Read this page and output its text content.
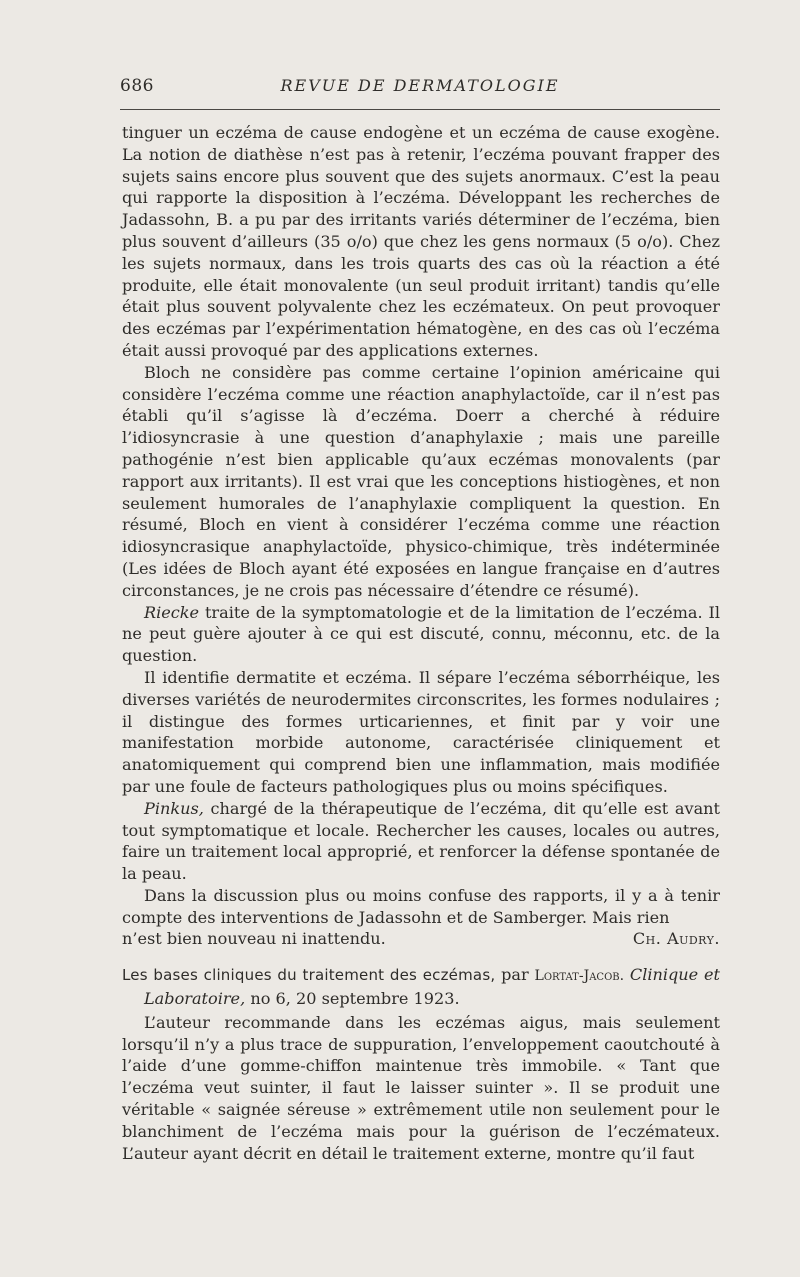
686	REVUE DE DERMATOLOGIE

tinguer un eczéma de cause endogène et un eczéma de cause exogène. La notion de diathèse n’est pas à retenir, l’eczéma pouvant frapper des sujets sains encore plus souvent que des sujets anormaux. C’est la peau qui rapporte la disposition à l’eczéma. Développant les recherches de Jadassohn, B. a pu par des irritants variés déterminer de l’eczéma, bien plus souvent d’ailleurs (35 o/o) que chez les gens normaux (5 o/o). Chez les sujets normaux, dans les trois quarts des cas où la réaction a été produite, elle était monovalente (un seul produit irritant) tandis qu’elle était plus souvent polyvalente chez les eczémateux. On peut provoquer des eczémas par l’expérimentation hématogène, en des cas où l’eczéma était aussi provoqué par des applications externes.

Bloch ne considère pas comme certaine l’opinion américaine qui considère l’eczéma comme une réaction anaphylactoïde, car il n’est pas établi qu’il s’agisse là d’eczéma. Doerr a cherché à réduire l’idiosyncrasie à une question d’anaphylaxie ; mais une pareille pathogénie n’est bien applicable qu’aux eczémas monovalents (par rapport aux irritants). Il est vrai que les conceptions histiogènes, et non seulement humorales de l’anaphylaxie compliquent la question. En résumé, Bloch en vient à considérer l’eczéma comme une réaction idiosyncrasique anaphylactoïde, physico-chimique, très indéterminée (Les idées de Bloch ayant été exposées en langue française en d’autres circonstances, je ne crois pas nécessaire d’étendre ce résumé).

Riecke traite de la symptomatologie et de la limitation de l’eczéma. Il ne peut guère ajouter à ce qui est discuté, connu, méconnu, etc. de la question.

Il identifie dermatite et eczéma. Il sépare l’eczéma séborrhéique, les diverses variétés de neurodermites circonscrites, les formes nodulaires ; il distingue des formes urticariennes, et finit par y voir une manifestation morbide autonome, caractérisée cliniquement et anatomiquement qui comprend bien une inflammation, mais modifiée par une foule de facteurs pathologiques plus ou moins spécifiques.

Pinkus, chargé de la thérapeutique de l’eczéma, dit qu’elle est avant tout symptomatique et locale. Rechercher les causes, locales ou autres, faire un traitement local approprié, et renforcer la défense spontanée de la peau.

Dans la discussion plus ou moins confuse des rapports, il y a à tenir compte des interventions de Jadassohn et de Samberger. Mais rien

n’est bien nouveau ni inattendu.	Ch. Audry.

Les bases cliniques du traitement des eczémas, par Lortat-Jacob. Clinique et Laboratoire, no 6, 20 septembre 1923.

L’auteur recommande dans les eczémas aigus, mais seulement lorsqu’il n’y a plus trace de suppuration, l’enveloppement caoutchouté à l’aide d’une gomme-chiffon maintenue très immobile. « Tant que l’eczéma veut suinter, il faut le laisser suinter ». Il se produit une véritable « saignée séreuse » extrêmement utile non seulement pour le blanchiment de l’eczéma mais pour la guérison de l’eczémateux. L’auteur ayant décrit en détail le traitement externe, montre qu’il faut
